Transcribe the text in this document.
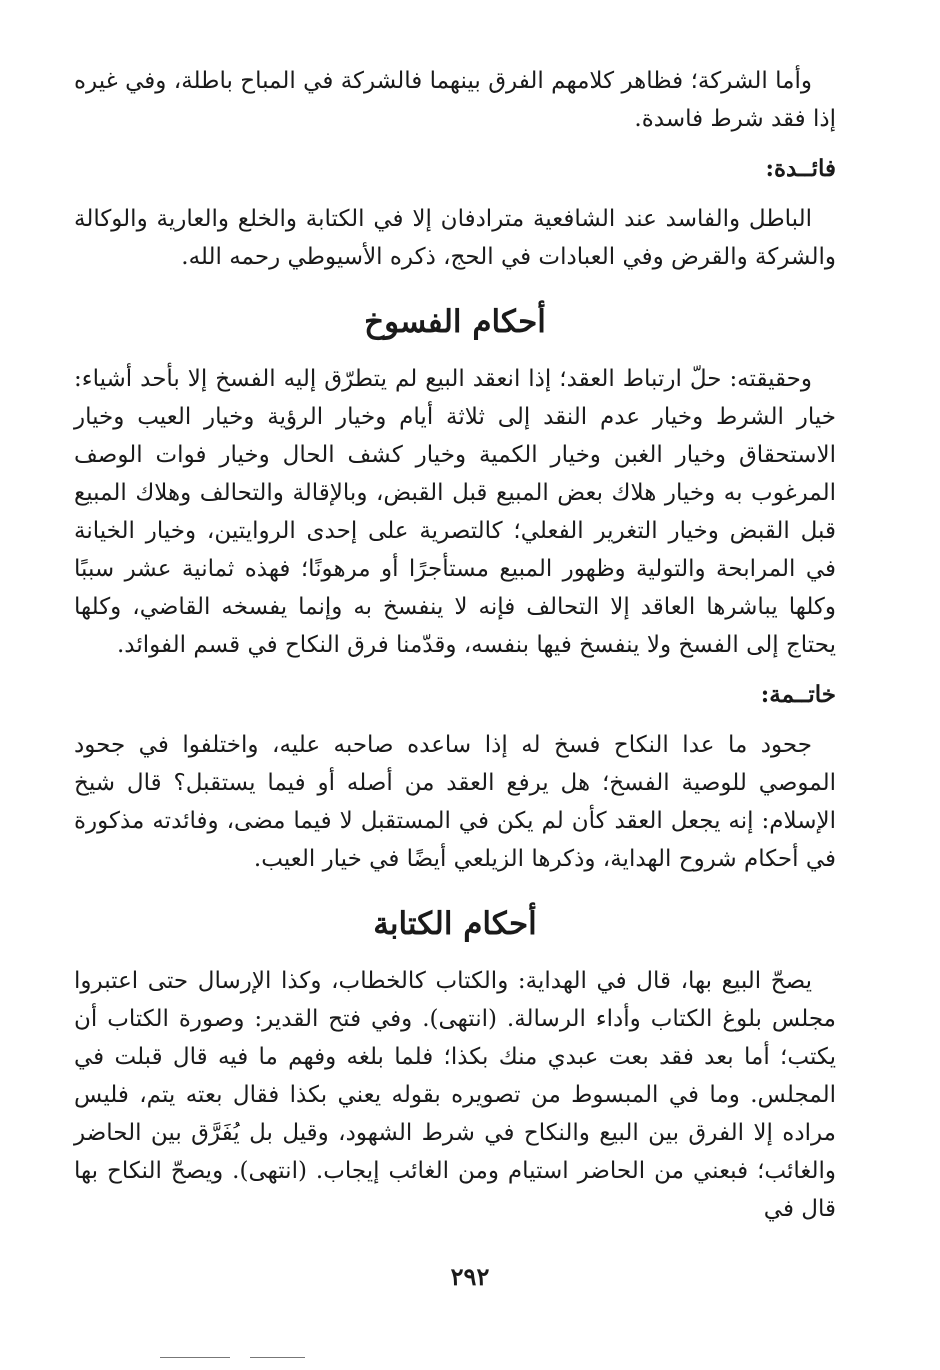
وأما الشركة؛ فظاهر كلامهم الفرق بينهما فالشركة في المباح باطلة، وفي غيره إذا فقد شرط فاسدة.

فائــدة:

الباطل والفاسد عند الشافعية مترادفان إلا في الكتابة والخلع والعارية والوكالة والشركة والقرض وفي العبادات في الحج، ذكره الأسيوطي رحمه الله.

أحكام الفسوخ

وحقيقته: حلّ ارتباط العقد؛ إذا انعقد البيع لم يتطرّق إليه الفسخ إلا بأحد أشياء: خيار الشرط وخيار عدم النقد إلى ثلاثة أيام وخيار الرؤية وخيار العيب وخيار الاستحقاق وخيار الغبن وخيار الكمية وخيار كشف الحال وخيار فوات الوصف المرغوب به وخيار هلاك بعض المبيع قبل القبض، وبالإقالة والتحالف وهلاك المبيع قبل القبض وخيار التغرير الفعلي؛ كالتصرية على إحدى الروايتين، وخيار الخيانة في المرابحة والتولية وظهور المبيع مستأجرًا أو مرهونًا؛ فهذه ثمانية عشر سببًا وكلها يباشرها العاقد إلا التحالف فإنه لا ينفسخ به وإنما يفسخه القاضي، وكلها يحتاج إلى الفسخ ولا ينفسخ فيها بنفسه، وقدّمنا فرق النكاح في قسم الفوائد.

خاتــمة:

جحود ما عدا النكاح فسخ له إذا ساعده صاحبه عليه، واختلفوا في جحود الموصي للوصية الفسخ؛ هل يرفع العقد من أصله أو فيما يستقبل؟ قال شيخ الإسلام: إنه يجعل العقد كأن لم يكن في المستقبل لا فيما مضى، وفائدته مذكورة في أحكام شروح الهداية، وذكرها الزيلعي أيضًا في خيار العيب.

أحكام الكتابة

يصحّ البيع بها، قال في الهداية: والكتاب كالخطاب، وكذا الإرسال حتى اعتبروا مجلس بلوغ الكتاب وأداء الرسالة. (انتهى). وفي فتح القدير: وصورة الكتاب أن يكتب؛ أما بعد فقد بعت عبدي منك بكذا؛ فلما بلغه وفهم ما فيه قال قبلت في المجلس. وما في المبسوط من تصويره بقوله يعني بكذا فقال بعته يتم، فليس مراده إلا الفرق بين البيع والنكاح في شرط الشهود، وقيل بل يُفَرَّق بين الحاضر والغائب؛ فبعني من الحاضر استيام ومن الغائب إيجاب. (انتهى). ويصحّ النكاح بها قال في

٢٩٢
